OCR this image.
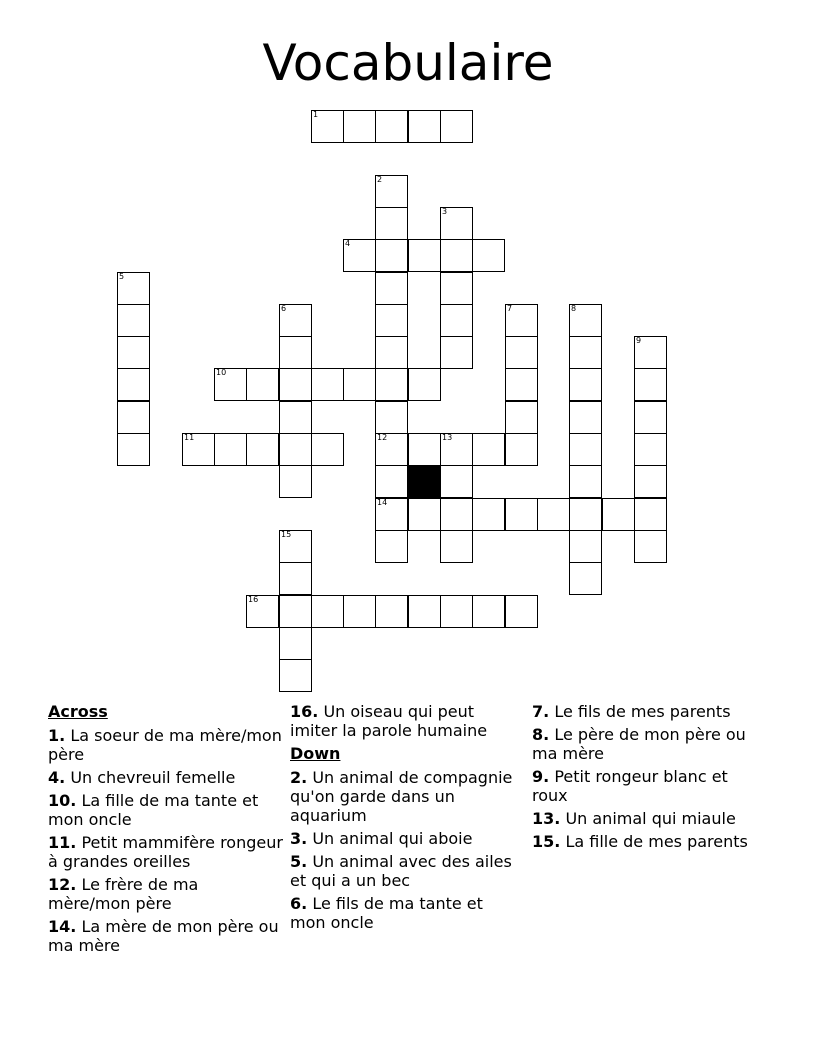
Vocabulaire
1
2
3
4
5
6	7	8
9
10
11	12	13
14
15
16
Across
1. La soeur de ma mère/mon père
4. Un chevreuil femelle
10. La fille de ma tante et mon oncle
11. Petit mammifère rongeur à grandes oreilles
12. Le frère de ma mère/mon père
14. La mère de mon père ou ma mère
16. Un oiseau qui peut imiter la parole humaine
Down
2. Un animal de compagnie qu'on garde dans un aquarium
3. Un animal qui aboie
5. Un animal avec des ailes et qui a un bec
6. Le fils de ma tante et mon oncle
7. Le fils de mes parents
8. Le père de mon père ou ma mère
9. Petit rongeur blanc et roux
13. Un animal qui miaule
15. La fille de mes parents
